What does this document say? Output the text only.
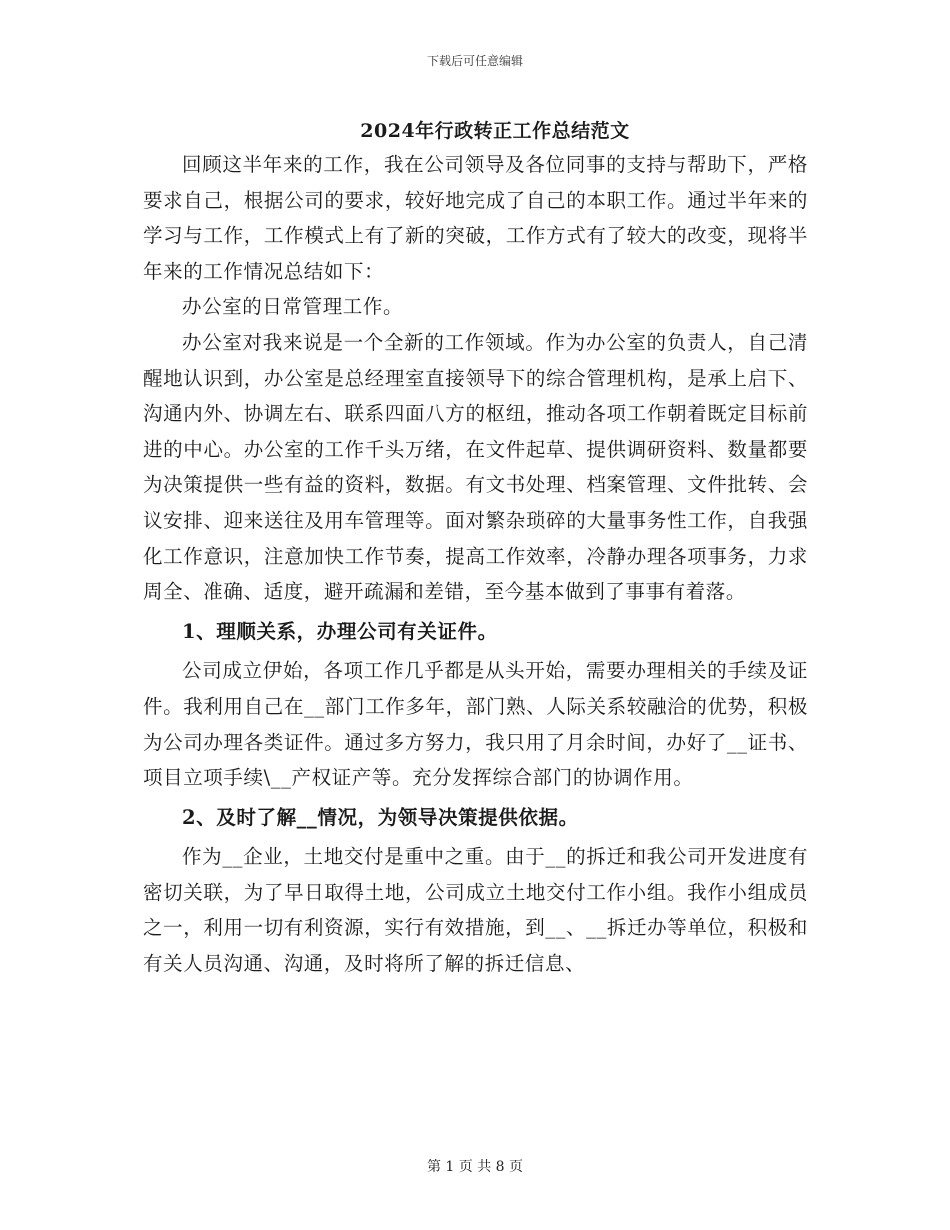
下载后可任意编辑
2024年行政转正工作总结范文

回顾这半年来的工作，我在公司领导及各位同事的支持与帮助下，严格要求自己，根据公司的要求，较好地完成了自己的本职工作。通过半年来的学习与工作，工作模式上有了新的突破，工作方式有了较大的改变，现将半年来的工作情况总结如下：

办公室的日常管理工作。

办公室对我来说是一个全新的工作领域。作为办公室的负责人，自己清醒地认识到，办公室是总经理室直接领导下的综合管理机构，是承上启下、沟通内外、协调左右、联系四面八方的枢纽，推动各项工作朝着既定目标前进的中心。办公室的工作千头万绪，在文件起草、提供调研资料、数量都要为决策提供一些有益的资料，数据。有文书处理、档案管理、文件批转、会议安排、迎来送往及用车管理等。面对繁杂琐碎的大量事务性工作，自我强化工作意识，注意加快工作节奏，提高工作效率，冷静办理各项事务，力求周全、准确、适度，避开疏漏和差错，至今基本做到了事事有着落。

1、理顺关系，办理公司有关证件。

公司成立伊始，各项工作几乎都是从头开始，需要办理相关的手续及证件。我利用自己在__部门工作多年，部门熟、人际关系较融洽的优势，积极为公司办理各类证件。通过多方努力，我只用了月余时间，办好了__证书、项目立项手续\__产权证产等。充分发挥综合部门的协调作用。

2、及时了解__情况，为领导决策提供依据。

作为__企业，土地交付是重中之重。由于__的拆迁和我公司开发进度有密切关联，为了早日取得土地，公司成立土地交付工作小组。我作小组成员之一，利用一切有利资源，实行有效措施，到__、__拆迁办等单位，积极和有关人员沟通、沟通，及时将所了解的拆迁信息、

第 1 页 共 8 页
